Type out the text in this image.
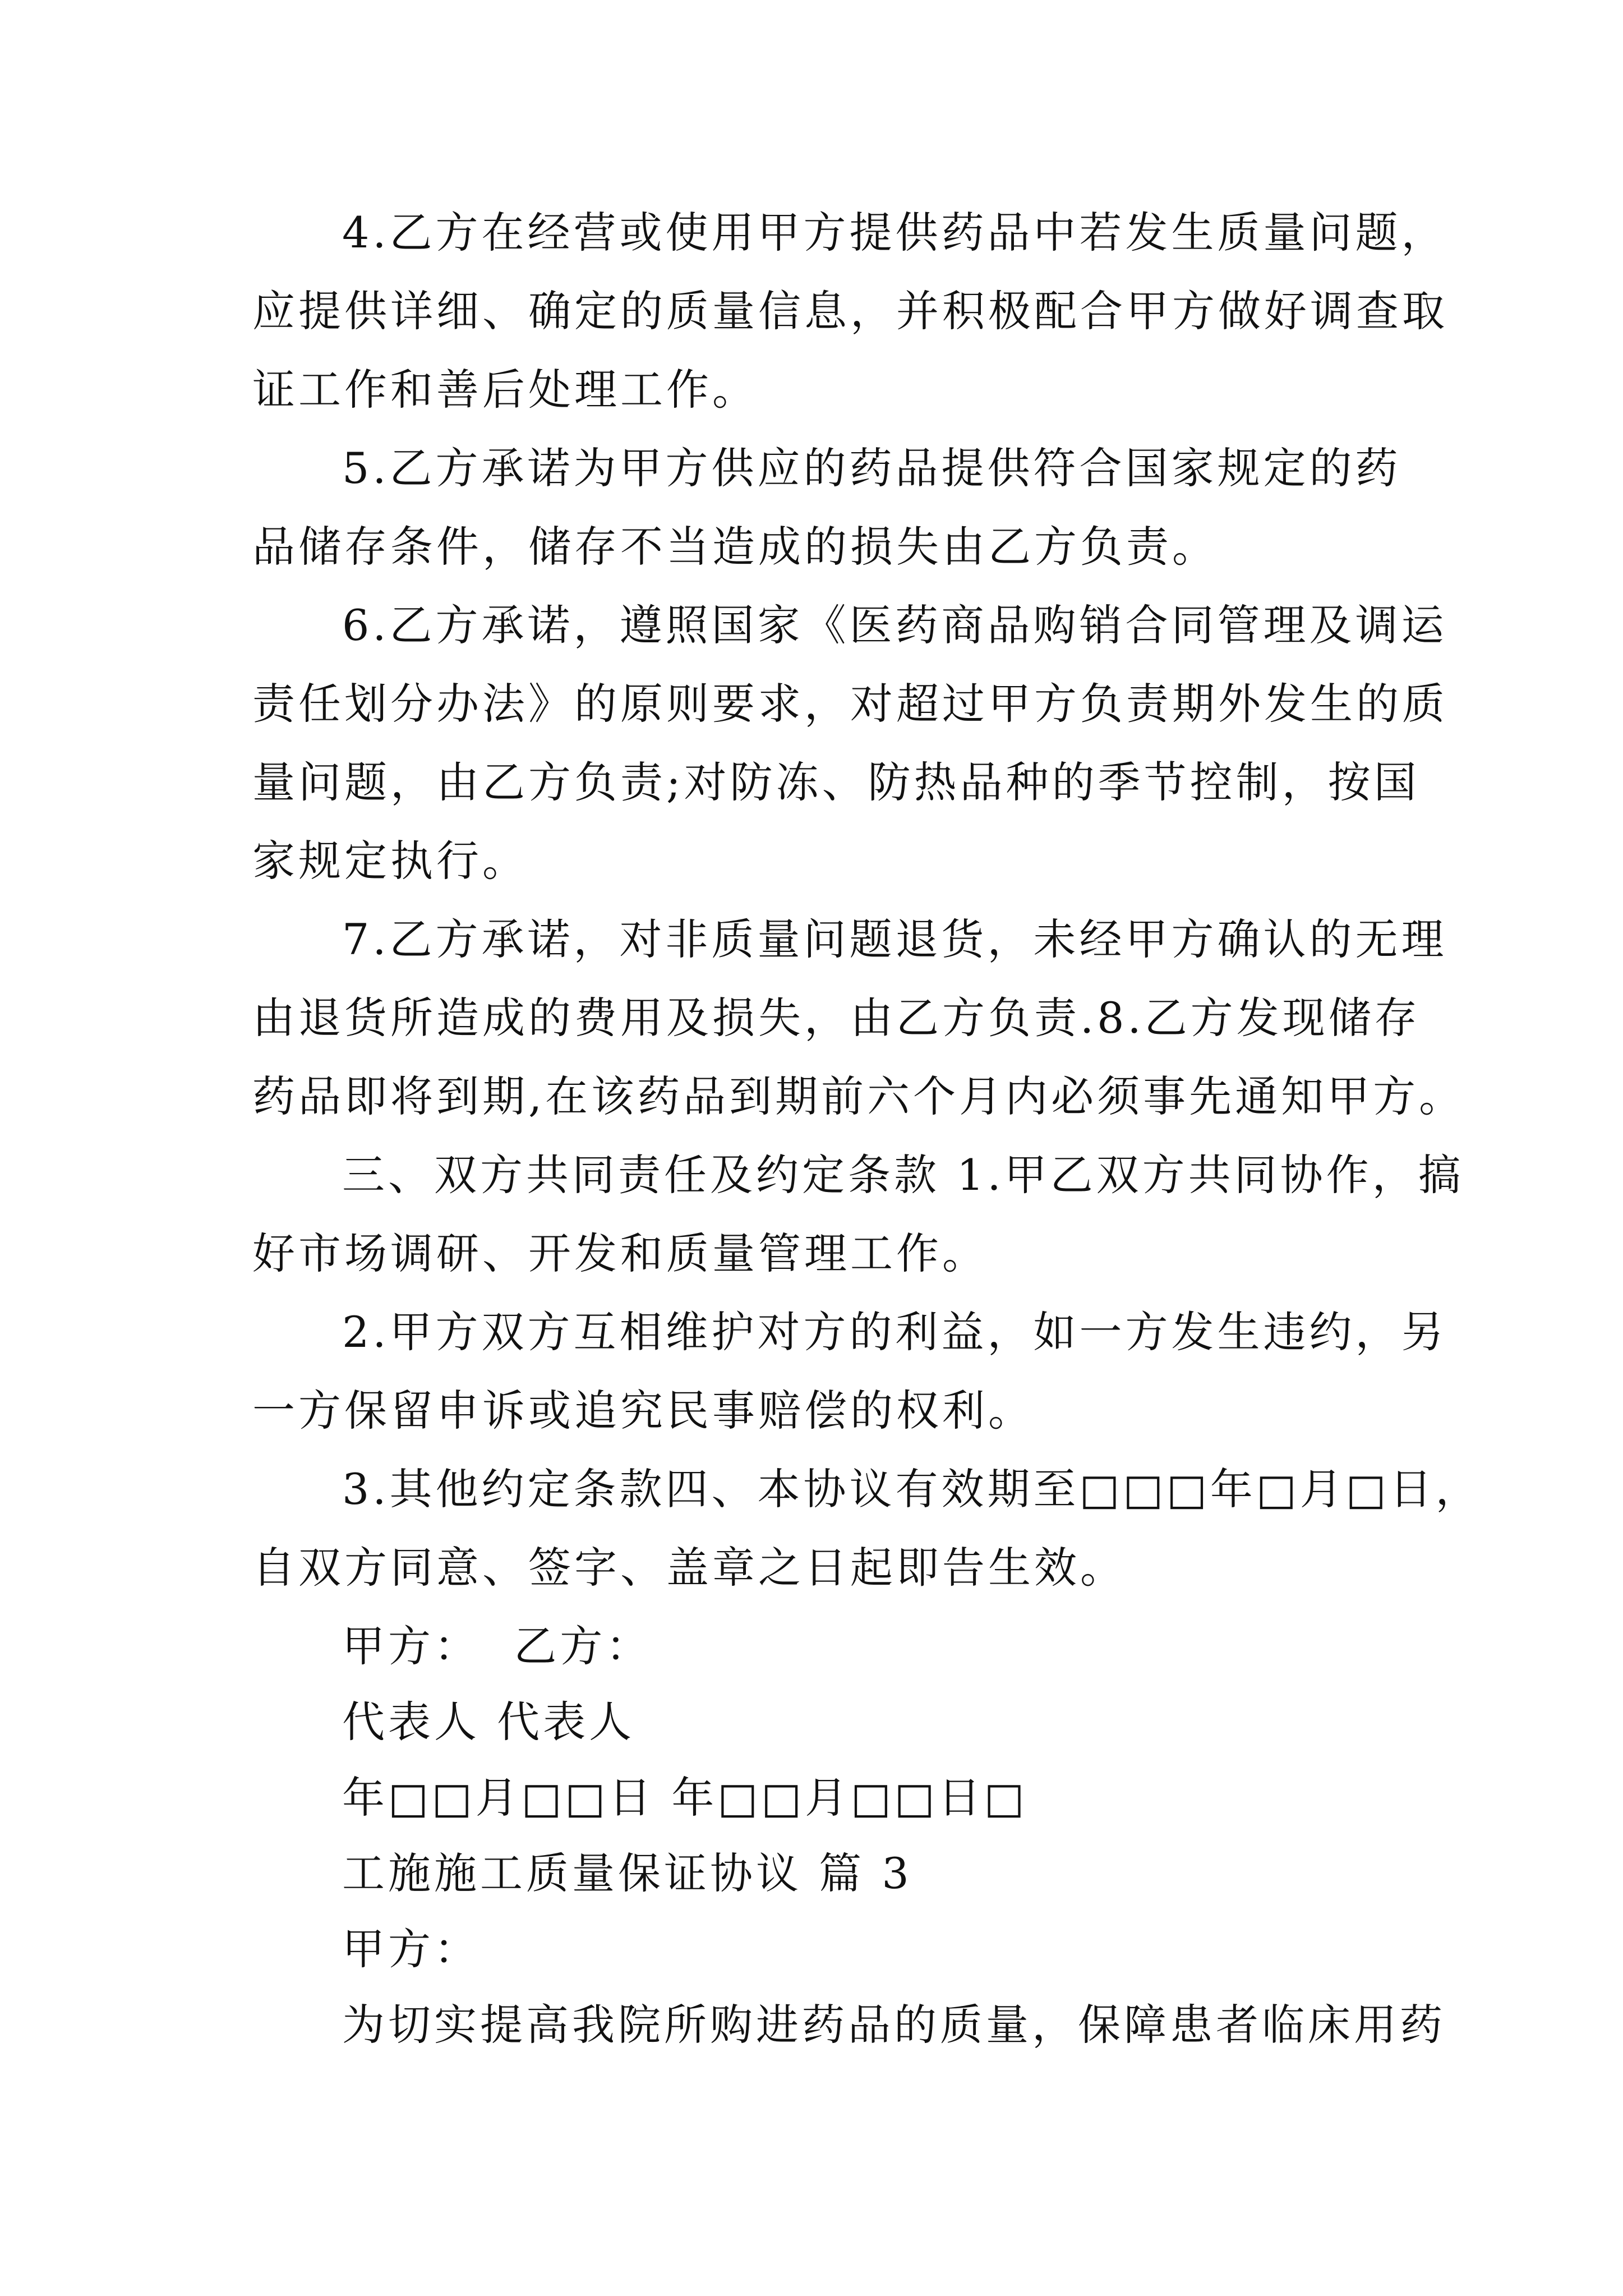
4.乙方在经营或使用甲方提供药品中若发生质量问题，
应提供详细、确定的质量信息，并积极配合甲方做好调查取
证工作和善后处理工作。
5.乙方承诺为甲方供应的药品提供符合国家规定的药
品储存条件，储存不当造成的损失由乙方负责。
6.乙方承诺，遵照国家《医药商品购销合同管理及调运
责任划分办法》的原则要求，对超过甲方负责期外发生的质
量问题，由乙方负责;对防冻、防热品种的季节控制，按国
家规定执行。
7.乙方承诺，对非质量问题退货，未经甲方确认的无理
由退货所造成的费用及损失，由乙方负责.8.乙方发现储存
药品即将到期,在该药品到期前六个月内必须事先通知甲方。
三、双方共同责任及约定条款 1.甲乙双方共同协作，搞
好市场调研、开发和质量管理工作。
2.甲方双方互相维护对方的利益，如一方发生违约，另
一方保留申诉或追究民事赔偿的权利。
3.其他约定条款四、本协议有效期至□□□年□月□日，
自双方同意、签字、盖章之日起即告生效。
甲方：  乙方：
代表人 代表人
年□□月□□日 年□□月□□日□
工施施工质量保证协议 篇 3
甲方：
为切实提高我院所购进药品的质量，保障患者临床用药
